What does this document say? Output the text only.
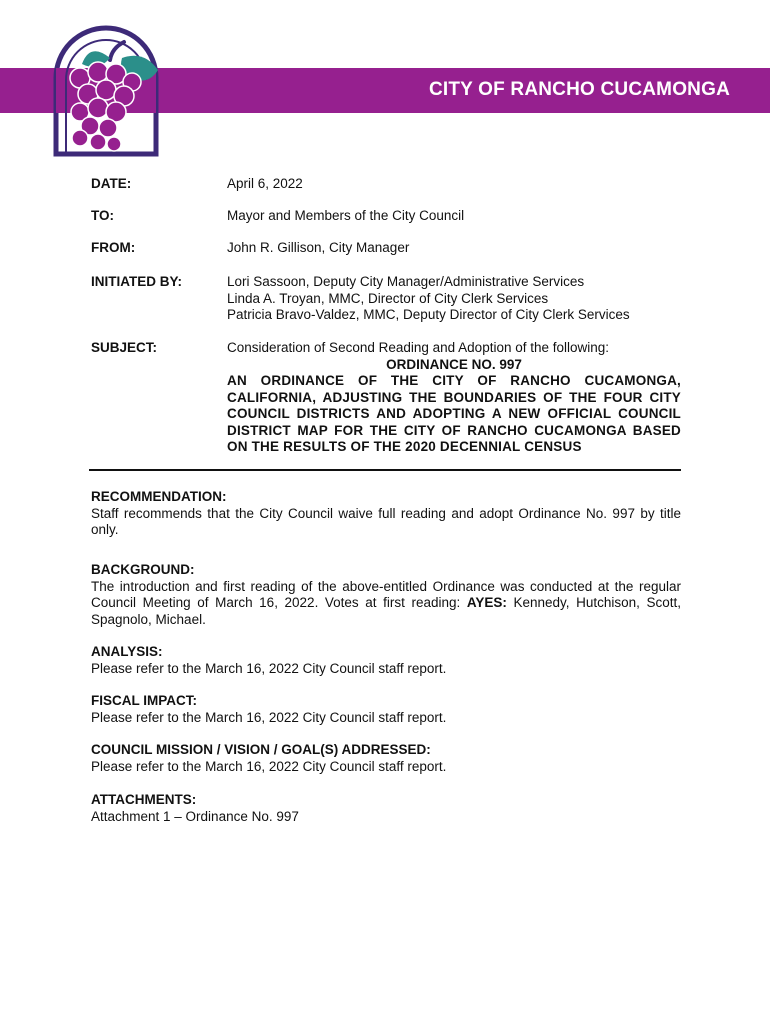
CITY OF RANCHO CUCAMONGA
DATE:	April 6, 2022
TO:	Mayor and Members of the City Council
FROM:	John R. Gillison, City Manager
INITIATED BY:	Lori Sassoon, Deputy City Manager/Administrative Services
Linda A. Troyan, MMC, Director of City Clerk Services
Patricia Bravo-Valdez, MMC, Deputy Director of City Clerk Services
SUBJECT:	Consideration of Second Reading and Adoption of the following:
ORDINANCE NO. 997
AN ORDINANCE OF THE CITY OF RANCHO CUCAMONGA, CALIFORNIA, ADJUSTING THE BOUNDARIES OF THE FOUR CITY COUNCIL DISTRICTS AND ADOPTING A NEW OFFICIAL COUNCIL DISTRICT MAP FOR THE CITY OF RANCHO CUCAMONGA BASED ON THE RESULTS OF THE 2020 DECENNIAL CENSUS
RECOMMENDATION:
Staff recommends that the City Council waive full reading and adopt Ordinance No. 997 by title only.
BACKGROUND:
The introduction and first reading of the above-entitled Ordinance was conducted at the regular Council Meeting of March 16, 2022. Votes at first reading: AYES: Kennedy, Hutchison, Scott, Spagnolo, Michael.
ANALYSIS:
Please refer to the March 16, 2022 City Council staff report.
FISCAL IMPACT:
Please refer to the March 16, 2022 City Council staff report.
COUNCIL MISSION / VISION / GOAL(S) ADDRESSED:
Please refer to the March 16, 2022 City Council staff report.
ATTACHMENTS:
Attachment 1 – Ordinance No. 997
